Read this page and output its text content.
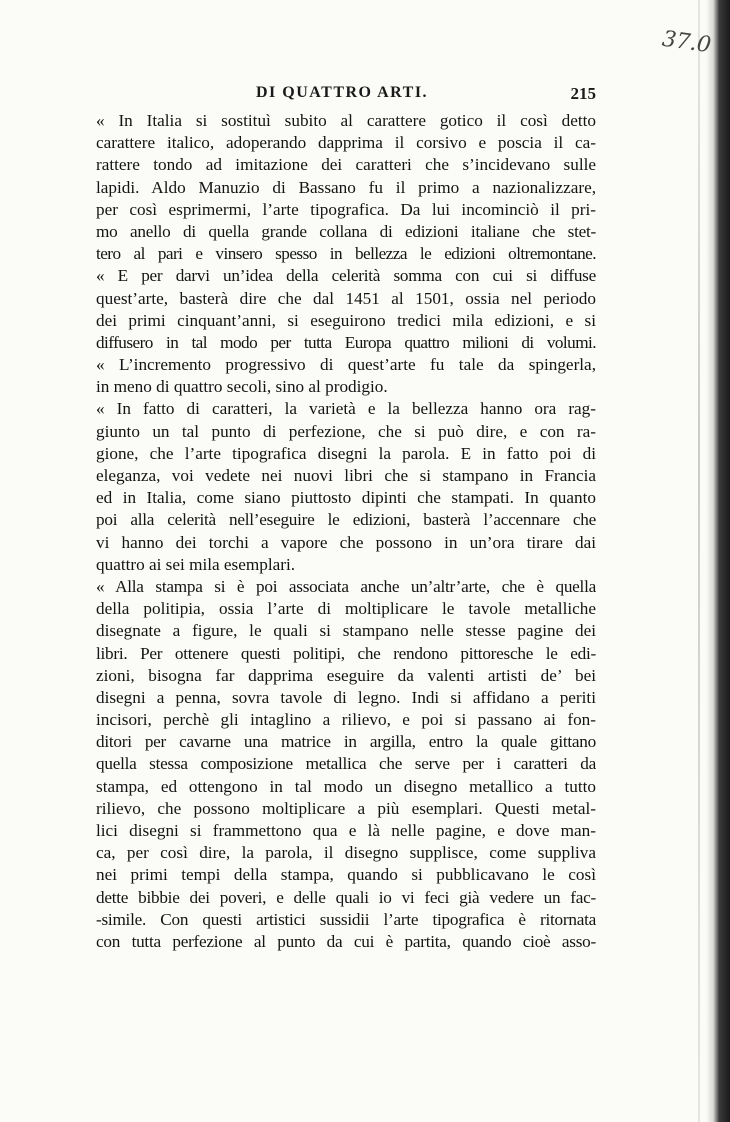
37.0
DI QUATTRO ARTI.	215
« In Italia si sostituì subito al carattere gotico il così detto
carattere italico, adoperando dapprima il corsivo e poscia il ca-
rattere tondo ad imitazione dei caratteri che s’incidevano sulle
lapidi. Aldo Manuzio di Bassano fu il primo a nazionalizzare,
per così esprimermi, l’arte tipografica. Da lui incominciò il pri-
mo anello di quella grande collana di edizioni italiane che stet-
tero al pari e vinsero spesso in bellezza le edizioni oltremontane.
« E per darvi un’idea della celerità somma con cui si diffuse
quest’arte, basterà dire che dal 1451 al 1501, ossia nel periodo
dei primi cinquant’anni, si eseguirono tredici mila edizioni, e si
diffusero in tal modo per tutta Europa quattro milioni di volumi.
« L’incremento progressivo di quest’arte fu tale da spingerla,
in meno di quattro secoli, sino al prodigio.
« In fatto di caratteri, la varietà e la bellezza hanno ora rag-
giunto un tal punto di perfezione, che si può dire, e con ra-
gione, che l’arte tipografica disegni la parola. E in fatto poi di
eleganza, voi vedete nei nuovi libri che si stampano in Francia
ed in Italia, come siano piuttosto dipinti che stampati. In quanto
poi alla celerità nell’eseguire le edizioni, basterà l’accennare che
vi hanno dei torchi a vapore che possono in un’ora tirare dai
quattro ai sei mila esemplari.
« Alla stampa si è poi associata anche un’altr’arte, che è quella
della politipia, ossia l’arte di moltiplicare le tavole metalliche
disegnate a figure, le quali si stampano nelle stesse pagine dei
libri. Per ottenere questi politipi, che rendono pittoresche le edi-
zioni, bisogna far dapprima eseguire da valenti artisti de’ bei
disegni a penna, sovra tavole di legno. Indi si affidano a periti
incisori, perchè gli intaglino a rilievo, e poi si passano ai fon-
ditori per cavarne una matrice in argilla, entro la quale gittano
quella stessa composizione metallica che serve per i caratteri da
stampa, ed ottengono in tal modo un disegno metallico a tutto
rilievo, che possono moltiplicare a più esemplari. Questi metal-
lici disegni si frammettono qua e là nelle pagine, e dove man-
ca, per così dire, la parola, il disegno supplisce, come suppliva
nei primi tempi della stampa, quando si pubblicavano le così
dette bibbie dei poveri, e delle quali io vi feci già vedere un fac-
-simile. Con questi artistici sussidii l’arte tipografica è ritornata
con tutta perfezione al punto da cui è partita, quando cioè asso-
